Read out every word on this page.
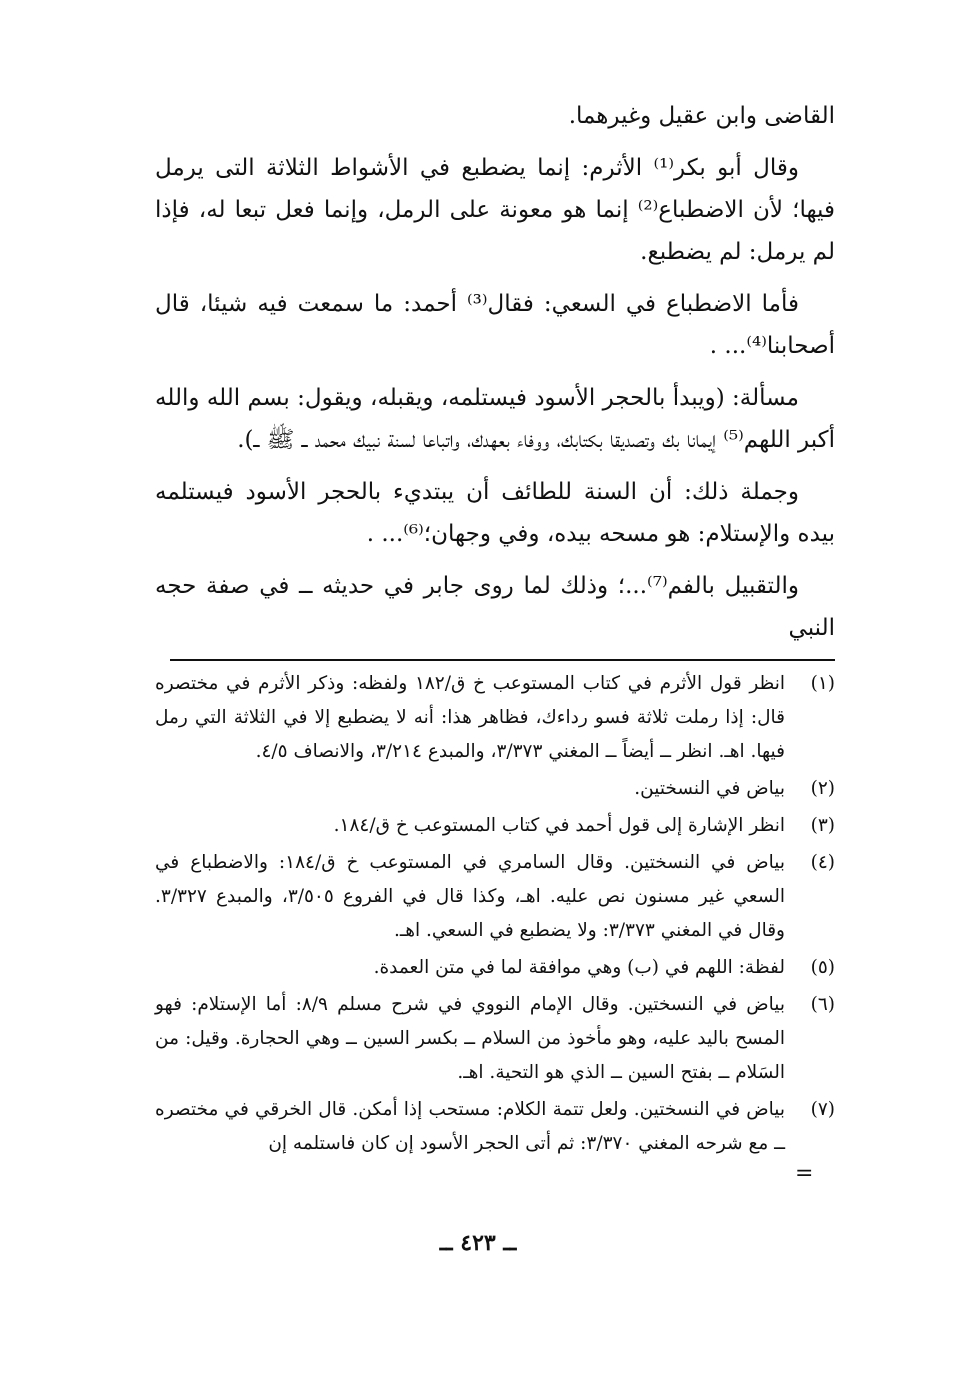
القاضى وابن عقيل وغيرهما.

وقال أبو بكر⁽¹⁾ الأثرم: إنما يضطبع في الأشواط الثلاثة التى يرمل فيها؛ لأن الاضطباع⁽²⁾ إنما هو معونة على الرمل، وإنما فعل تبعا له، فإذا لم يرمل: لم يضطبع.

فأما الاضطباع في السعي: فقال⁽³⁾ أحمد: ما سمعت فيه شيئا، قال أصحابنا⁽⁴⁾... .

مسألة: (ويبدأ بالحجر الأسود فيستلمه، ويقبله، ويقول: بسم الله والله أكبر اللهم⁽⁵⁾ إيمانا بك وتصديقا بكتابك، ووفاء بعهدك، واتباعا لسنة نبيك محمد ــ ﷺ ــ).

وجملة ذلك: أن السنة للطائف أن يبتديء بالحجر الأسود فيستلمه بيده والإستلام: هو مسحه بيده، وفي وجهان؛⁽⁶⁾... .

والتقبيل بالفم⁽⁷⁾...؛ وذلك لما روى جابر في حديثه ــ في صفة حجه النبي

(١)
انظر قول الأثرم في كتاب المستوعب خ ق/١٨٢ ولفظه: وذكر الأثرم في مختصره قال: إذا رملت ثلاثة فسو رداءك، فظاهر هذا: أنه لا يضطبع إلا في الثلاثة التي رمل فيها. اهـ. انظر ــ أيضاً ــ المغني ٣/٣٧٣، والمبدع ٣/٢١٤، والانصاف ٤/٥.
(٢)
بياض في النسختين.
(٣)
انظر الإشارة إلى قول أحمد في كتاب المستوعب خ ق/١٨٤.
(٤)
بياض في النسختين. وقال السامري في المستوعب خ ق/١٨٤: والاضطباع في السعي غير مسنون نص عليه. اهـ، وكذا قال في الفروع ٣/٥٠٥، والمبدع ٣/٣٢٧. وقال في المغني ٣/٣٧٣: ولا يضطبع في السعي. اهـ.
(٥)
لفظة: اللهم في (ب) وهي موافقة لما في متن العمدة.
(٦)
بياض في النسختين. وقال الإمام النووي في شرح مسلم ٨/٩: أما الإستلام: فهو المسح باليد عليه، وهو مأخوذ من السلام ــ بكسر السين ــ وهي الحجارة. وقيل: من السَلام ــ بفتح السين ــ الذي هو التحية. اهـ.
(٧)
بياض في النسختين. ولعل تتمة الكلام: مستحب إذا أمكن. قال الخرقي في مختصره ــ مع شرحه المغني ٣/٣٧٠: ثم أتى الحجر الأسود إن كان فاستلمه إن
=
ــ ٤٢٣ ــ
